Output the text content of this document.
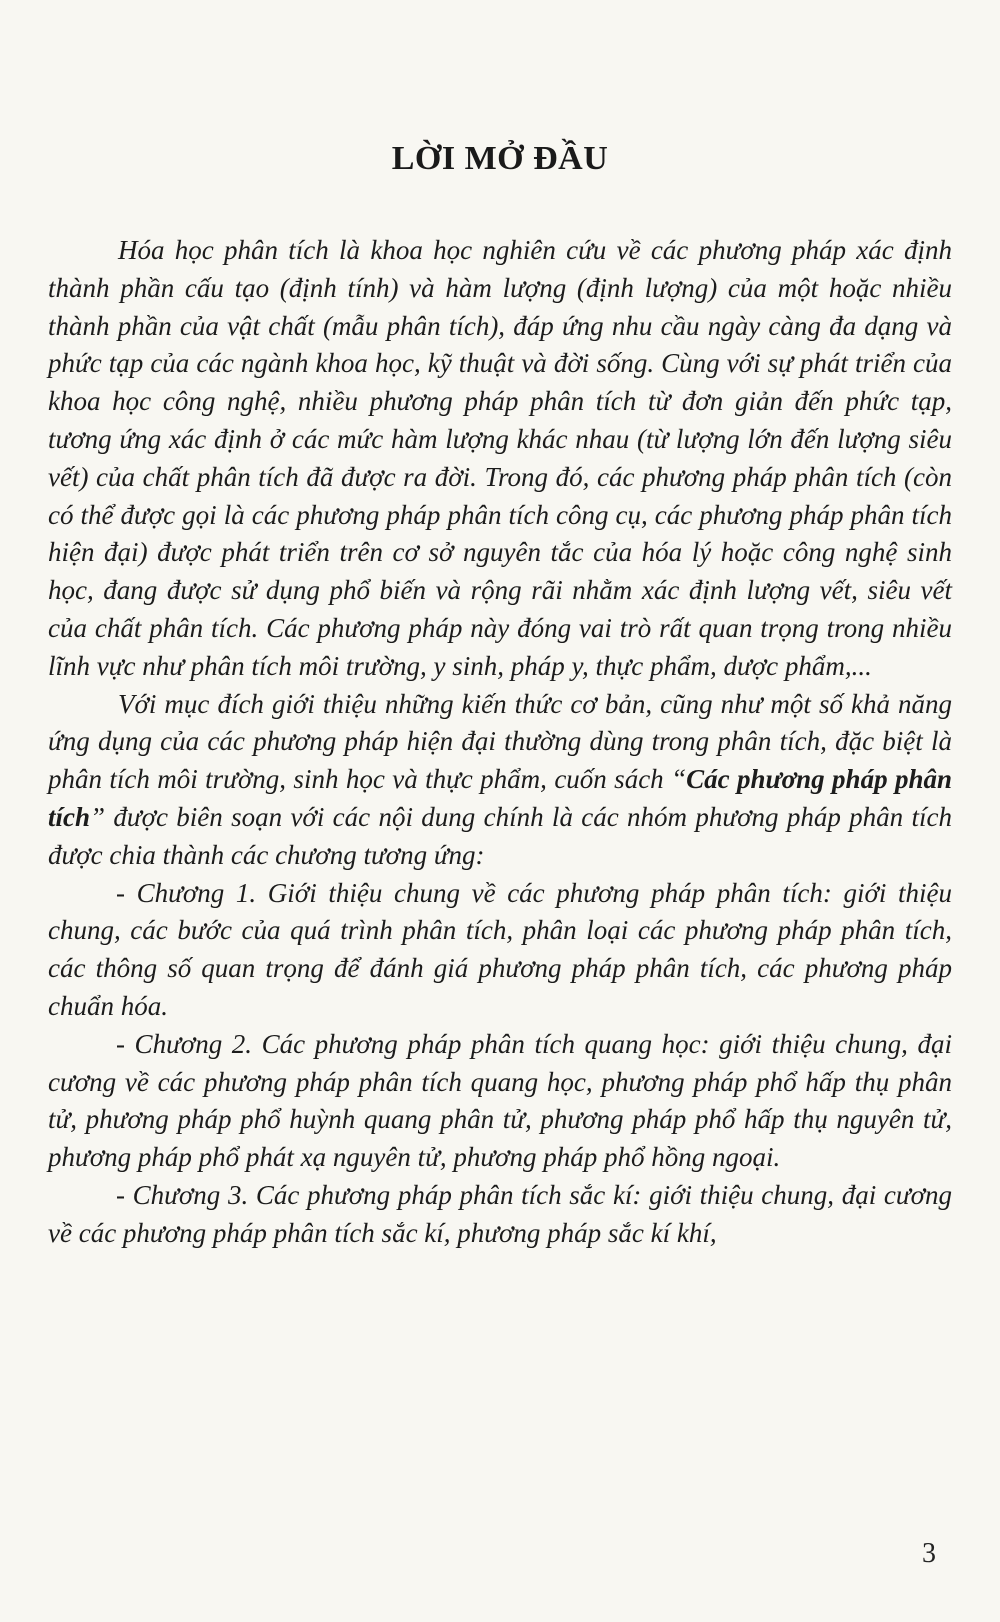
LỜI MỞ ĐẦU

Hóa học phân tích là khoa học nghiên cứu về các phương pháp xác định thành phần cấu tạo (định tính) và hàm lượng (định lượng) của một hoặc nhiều thành phần của vật chất (mẫu phân tích), đáp ứng nhu cầu ngày càng đa dạng và phức tạp của các ngành khoa học, kỹ thuật và đời sống. Cùng với sự phát triển của khoa học công nghệ, nhiều phương pháp phân tích từ đơn giản đến phức tạp, tương ứng xác định ở các mức hàm lượng khác nhau (từ lượng lớn đến lượng siêu vết) của chất phân tích đã được ra đời. Trong đó, các phương pháp phân tích (còn có thể được gọi là các phương pháp phân tích công cụ, các phương pháp phân tích hiện đại) được phát triển trên cơ sở nguyên tắc của hóa lý hoặc công nghệ sinh học, đang được sử dụng phổ biến và rộng rãi nhằm xác định lượng vết, siêu vết của chất phân tích. Các phương pháp này đóng vai trò rất quan trọng trong nhiều lĩnh vực như phân tích môi trường, y sinh, pháp y, thực phẩm, dược phẩm,...

Với mục đích giới thiệu những kiến thức cơ bản, cũng như một số khả năng ứng dụng của các phương pháp hiện đại thường dùng trong phân tích, đặc biệt là phân tích môi trường, sinh học và thực phẩm, cuốn sách “Các phương pháp phân tích” được biên soạn với các nội dung chính là các nhóm phương pháp phân tích được chia thành các chương tương ứng:

- Chương 1. Giới thiệu chung về các phương pháp phân tích: giới thiệu chung, các bước của quá trình phân tích, phân loại các phương pháp phân tích, các thông số quan trọng để đánh giá phương pháp phân tích, các phương pháp chuẩn hóa.

- Chương 2. Các phương pháp phân tích quang học: giới thiệu chung, đại cương về các phương pháp phân tích quang học, phương pháp phổ hấp thụ phân tử, phương pháp phổ huỳnh quang phân tử, phương pháp phổ hấp thụ nguyên tử, phương pháp phổ phát xạ nguyên tử, phương pháp phổ hồng ngoại.

- Chương 3. Các phương pháp phân tích sắc kí: giới thiệu chung, đại cương về các phương pháp phân tích sắc kí, phương pháp sắc kí khí,

3
